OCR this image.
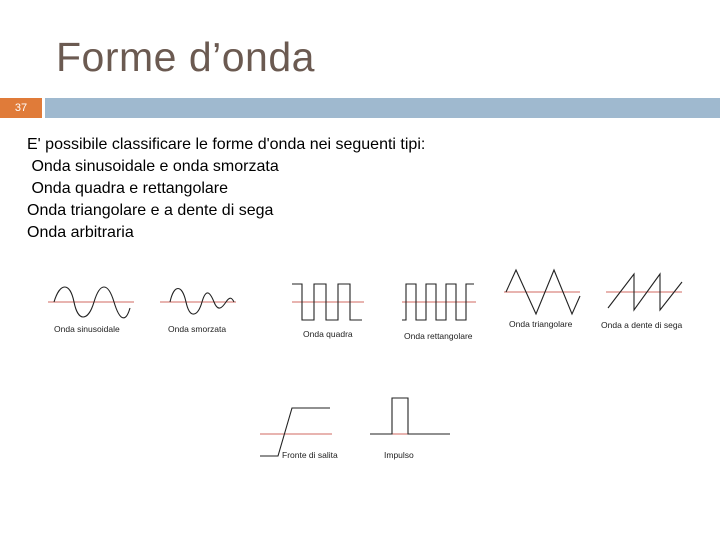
Forme d’onda
37
E' possibile classificare le forme d'onda nei seguenti tipi:
Onda sinusoidale e onda smorzata
Onda quadra e rettangolare
Onda triangolare e a dente di sega
Onda arbitraria
Onda sinusoidale	Onda smorzata	Onda quadra	Onda rettangolare
Onda triangolare	Onda a dente di sega
Fronte di salita	Impulso
